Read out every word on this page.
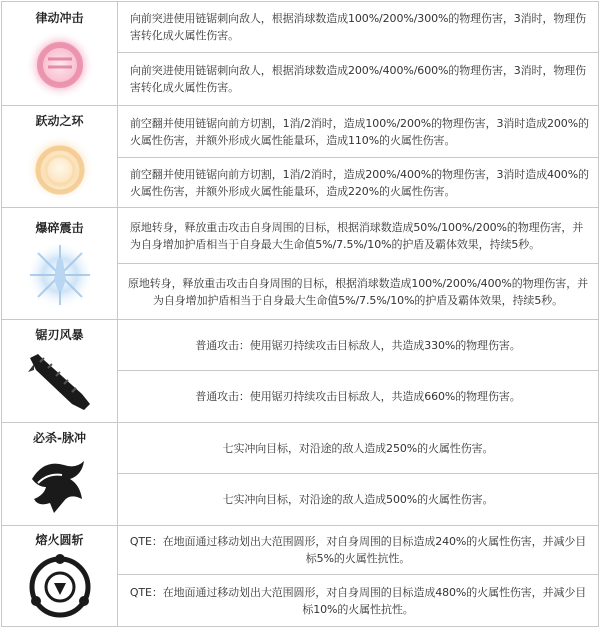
律动冲击	向前突进使用链锯刺向敌人，根据消球数造成100%/200%/300%的物理伤害，3消时，物理伤害转化成火属性伤害。

	向前突进使用链锯刺向敌人，根据消球数造成200%/400%/600%的物理伤害，3消时，物理伤害转化成火属性伤害。

跃动之环	前空翻并使用链锯向前方切割，1消/2消时，造成100%/200%的物理伤害，3消时造成200%的火属性伤害，并额外形成火属性能量环，造成110%的火属性伤害。

	前空翻并使用链锯向前方切割，1消/2消时，造成200%/400%的物理伤害，3消时造成400%的火属性伤害，并额外形成火属性能量环，造成220%的火属性伤害。

爆碎震击	原地转身，释放重击攻击自身周围的目标，根据消球数造成50%/100%/200%的物理伤害，并为自身增加护盾相当于自身最大生命值5%/7.5%/10%的护盾及霸体效果，持续5秒。

	原地转身，释放重击攻击自身周围的目标，根据消球数造成100%/200%/400%的物理伤害，并为自身增加护盾相当于自身最大生命值5%/7.5%/10%的护盾及霸体效果，持续5秒。

锯刃风暴	普通攻击：使用锯刃持续攻击目标敌人，共造成330%的物理伤害。

	普通攻击：使用锯刃持续攻击目标敌人，共造成660%的物理伤害。

必杀-脉冲	七实冲向目标，对沿途的敌人造成250%的火属性伤害。

	七实冲向目标，对沿途的敌人造成500%的火属性伤害。

熔火圆斩	QTE：在地面通过移动划出大范围圆形，对自身周围的目标造成240%的火属性伤害，并减少目标5%的火属性抗性。

	QTE：在地面通过移动划出大范围圆形，对自身周围的目标造成480%的火属性伤害，并减少目标10%的火属性抗性。
